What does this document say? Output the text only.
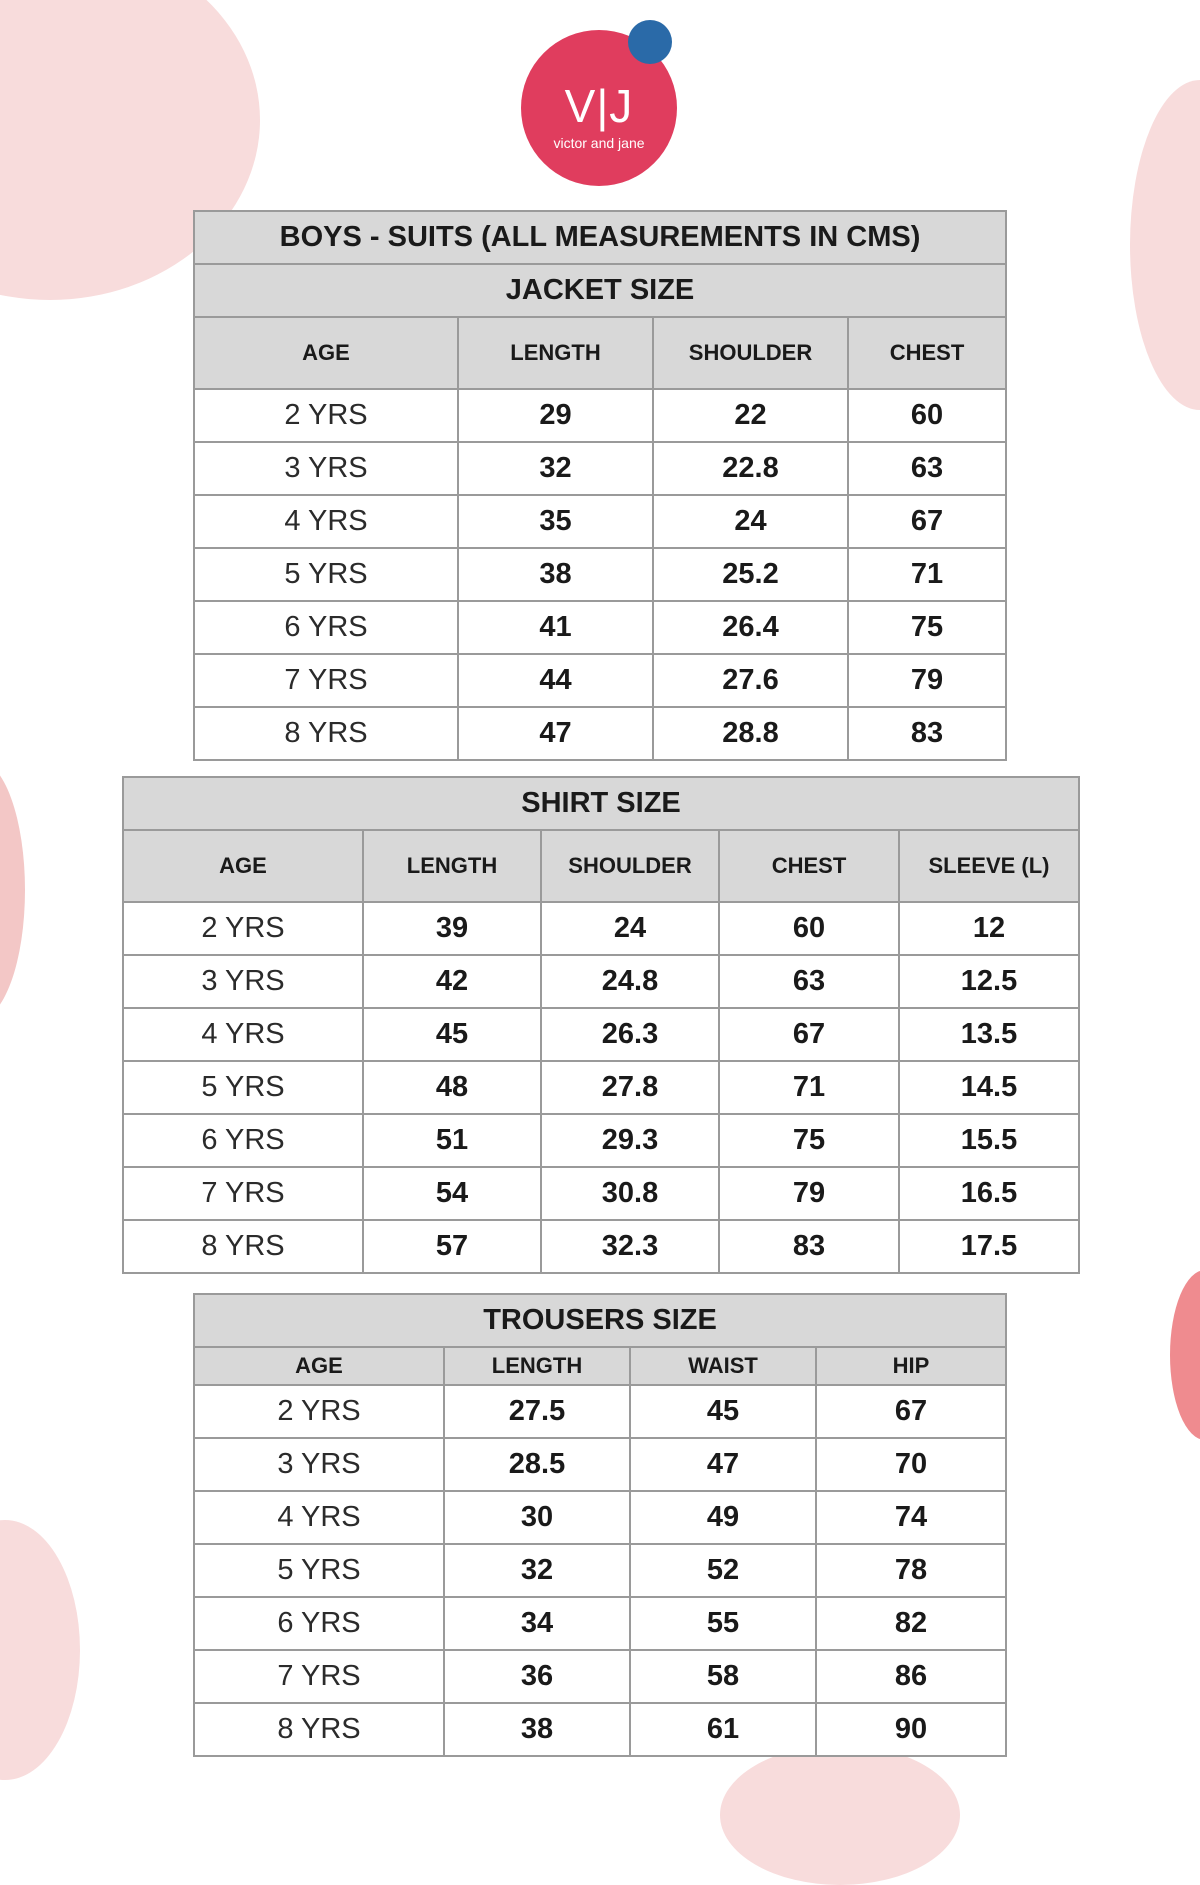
V|J
victor and jane
BOYS - SUITS (ALL MEASUREMENTS IN CMS)			
JACKET SIZE			
AGE	LENGTH	SHOULDER	CHEST
2 YRS	29	22	60
3 YRS	32	22.8	63
4 YRS	35	24	67
5 YRS	38	25.2	71
6 YRS	41	26.4	75
7 YRS	44	27.6	79
8 YRS	47	28.8	83
SHIRT SIZE				
AGE	LENGTH	SHOULDER	CHEST	SLEEVE (L)
2 YRS	39	24	60	12
3 YRS	42	24.8	63	12.5
4 YRS	45	26.3	67	13.5
5 YRS	48	27.8	71	14.5
6 YRS	51	29.3	75	15.5
7 YRS	54	30.8	79	16.5
8 YRS	57	32.3	83	17.5
TROUSERS SIZE			
AGE	LENGTH	WAIST	HIP
2 YRS	27.5	45	67
3 YRS	28.5	47	70
4 YRS	30	49	74
5 YRS	32	52	78
6 YRS	34	55	82
7 YRS	36	58	86
8 YRS	38	61	90
